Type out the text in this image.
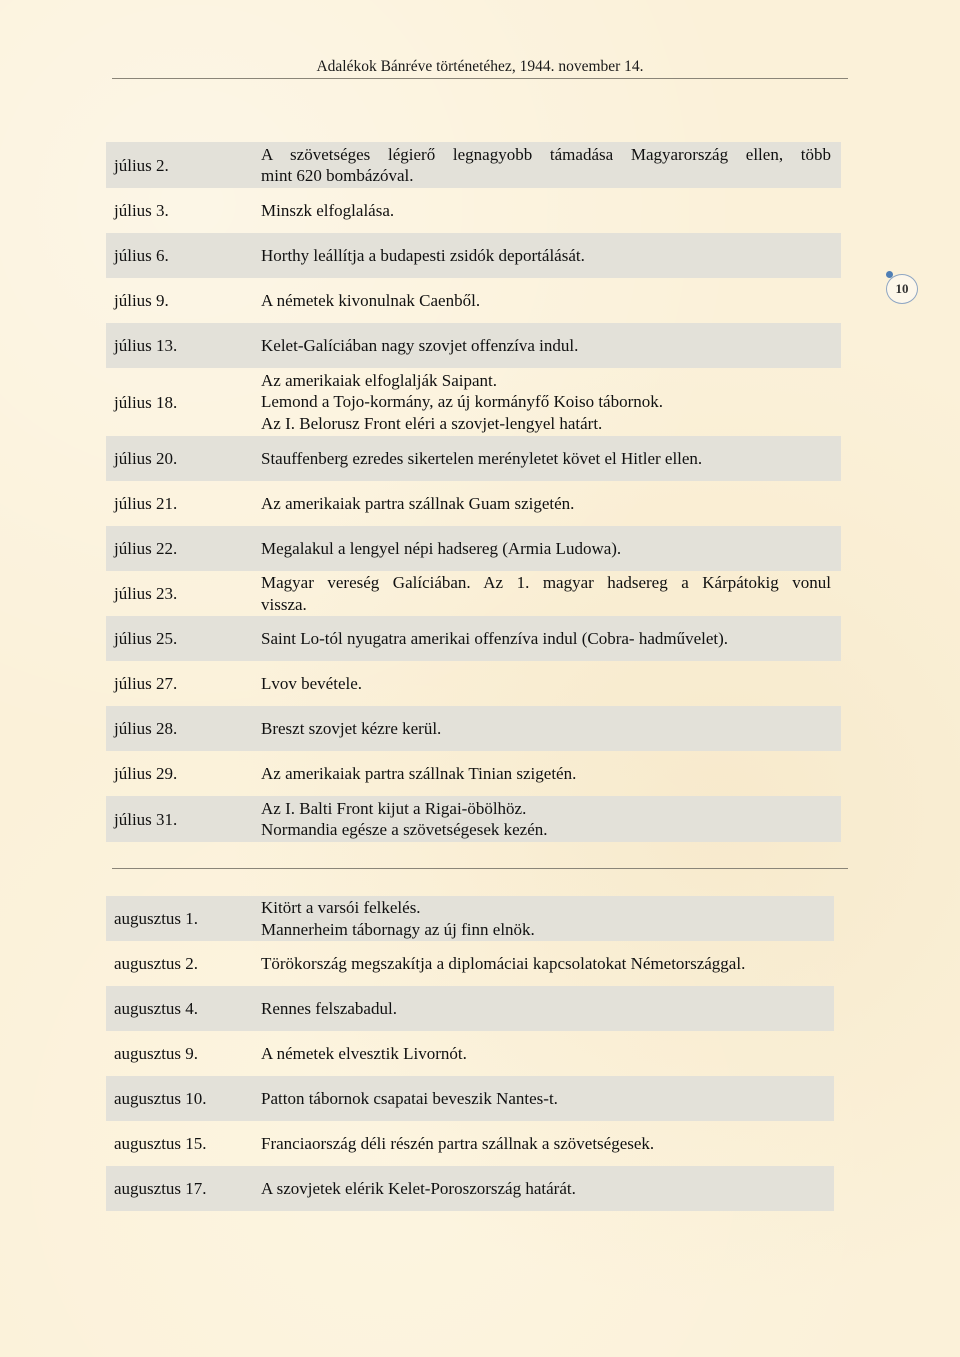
Adalékok Bánréve történetéhez, 1944. november 14.
10
július 2.
A szövetséges légierő legnagyobb támadása Magyarország ellen, több
mint 620 bombázóval.
július 3.	Minszk elfoglalása.
július 6.	Horthy leállítja a budapesti zsidók deportálását.
július 9.	A németek kivonulnak Caenből.
július 13.	Kelet-Galíciában nagy szovjet offenzíva indul.
július 18.
Az amerikaiak elfoglalják Saipant.
Lemond a Tojo-kormány, az új kormányfő Koiso tábornok.
Az I. Belorusz Front eléri a szovjet-lengyel határt.
július 20.	Stauffenberg ezredes sikertelen merényletet követ el Hitler ellen.
július 21.	Az amerikaiak partra szállnak Guam szigetén.
július 22.	Megalakul a lengyel népi hadsereg (Armia Ludowa).
július 23.
Magyar vereség Galíciában. Az 1. magyar hadsereg a Kárpátokig vonul
vissza.
július 25.	Saint Lo-tól nyugatra amerikai offenzíva indul (Cobra- hadművelet).
július 27.	Lvov bevétele.
július 28.	Breszt szovjet kézre kerül.
július 29.	Az amerikaiak partra szállnak Tinian szigetén.
július 31.
Az I. Balti Front kijut a Rigai-öbölhöz.
Normandia egésze a szövetségesek kezén.
augusztus 1.
Kitört a varsói felkelés.
Mannerheim tábornagy az új finn elnök.
augusztus 2.	Törökország megszakítja a diplomáciai kapcsolatokat Németországgal.
augusztus 4.	Rennes felszabadul.
augusztus 9.	A németek elvesztik Livornót.
augusztus 10.	Patton tábornok csapatai beveszik Nantes-t.
augusztus 15.	Franciaország déli részén partra szállnak a szövetségesek.
augusztus 17.	A szovjetek elérik Kelet-Poroszország határát.
